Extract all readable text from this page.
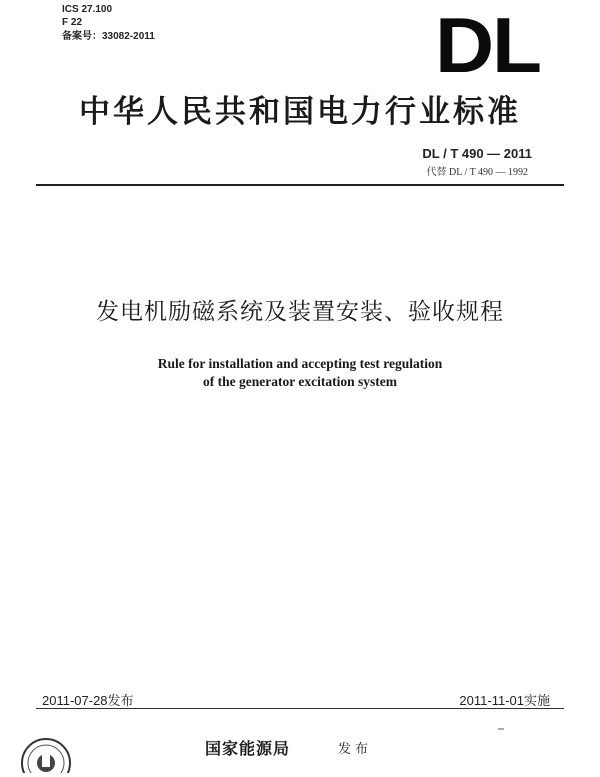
ICS 27.100
F 22
备案号：33082-2011	DL
中华人民共和国电力行业标准
DL / T 490 — 2011
代替 DL / T 490 — 1992
发电机励磁系统及装置安装、验收规程
Rule for installation and accepting test regulation
of the generator excitation system
2011-07-28发布	2011-11-01实施
国家能源局	发布
